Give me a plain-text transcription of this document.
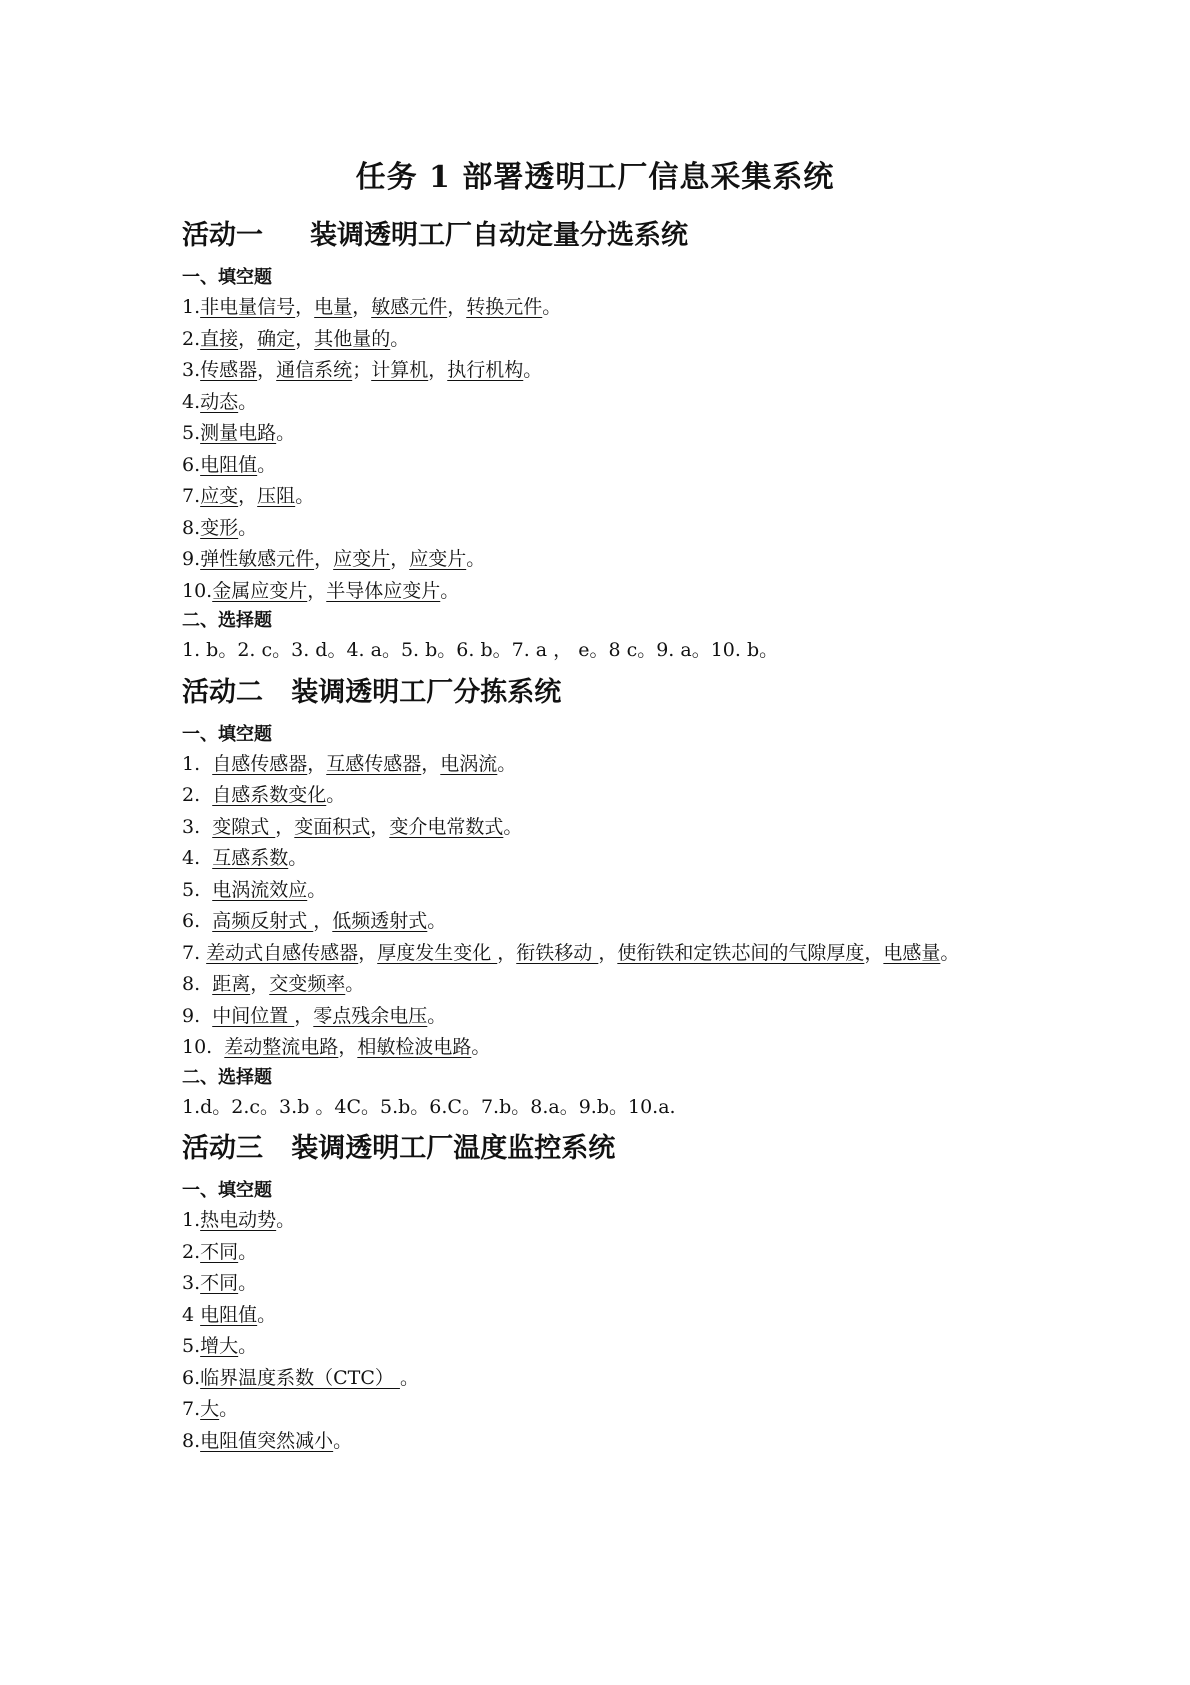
任务 1 部署透明工厂信息采集系统
活动一     装调透明工厂自动定量分选系统
一、填空题
1.非电量信号，电量，敏感元件，转换元件。
2.直接，确定，其他量的。
3.传感器，通信系统；计算机，执行机构。
4.动态。
5.测量电路。
6.电阻值。
7.应变，压阻。
8.变形。
9.弹性敏感元件，应变片，应变片。
10.金属应变片，半导体应变片。
二、选择题
1. b。2. c。3. d。4. a。5. b。6. b。7. a ， e。8 c。9. a。10. b。
活动二   装调透明工厂分拣系统
一、填空题
1.  自感传感器，互感传感器，电涡流。
2.  自感系数变化。
3.  变隙式 ，变面积式，变介电常数式。
4.  互感系数。
5.  电涡流效应。
6.  高频反射式 ，低频透射式。
7. 差动式自感传感器，厚度发生变化 ，衔铁移动 ，使衔铁和定铁芯间的气隙厚度，电感量。
8.  距离，交变频率。
9.  中间位置 ，零点残余电压。
10.  差动整流电路，相敏检波电路。
二、选择题
1.d。2.c。3.b 。4C。5.b。6.C。7.b。8.a。9.b。10.a.
活动三   装调透明工厂温度监控系统
一、填空题
1.热电动势。
2.不同。
3.不同。
4 电阻值。
5.增大。
6.临界温度系数（CTC） 。
7.大。
8.电阻值突然减小。
